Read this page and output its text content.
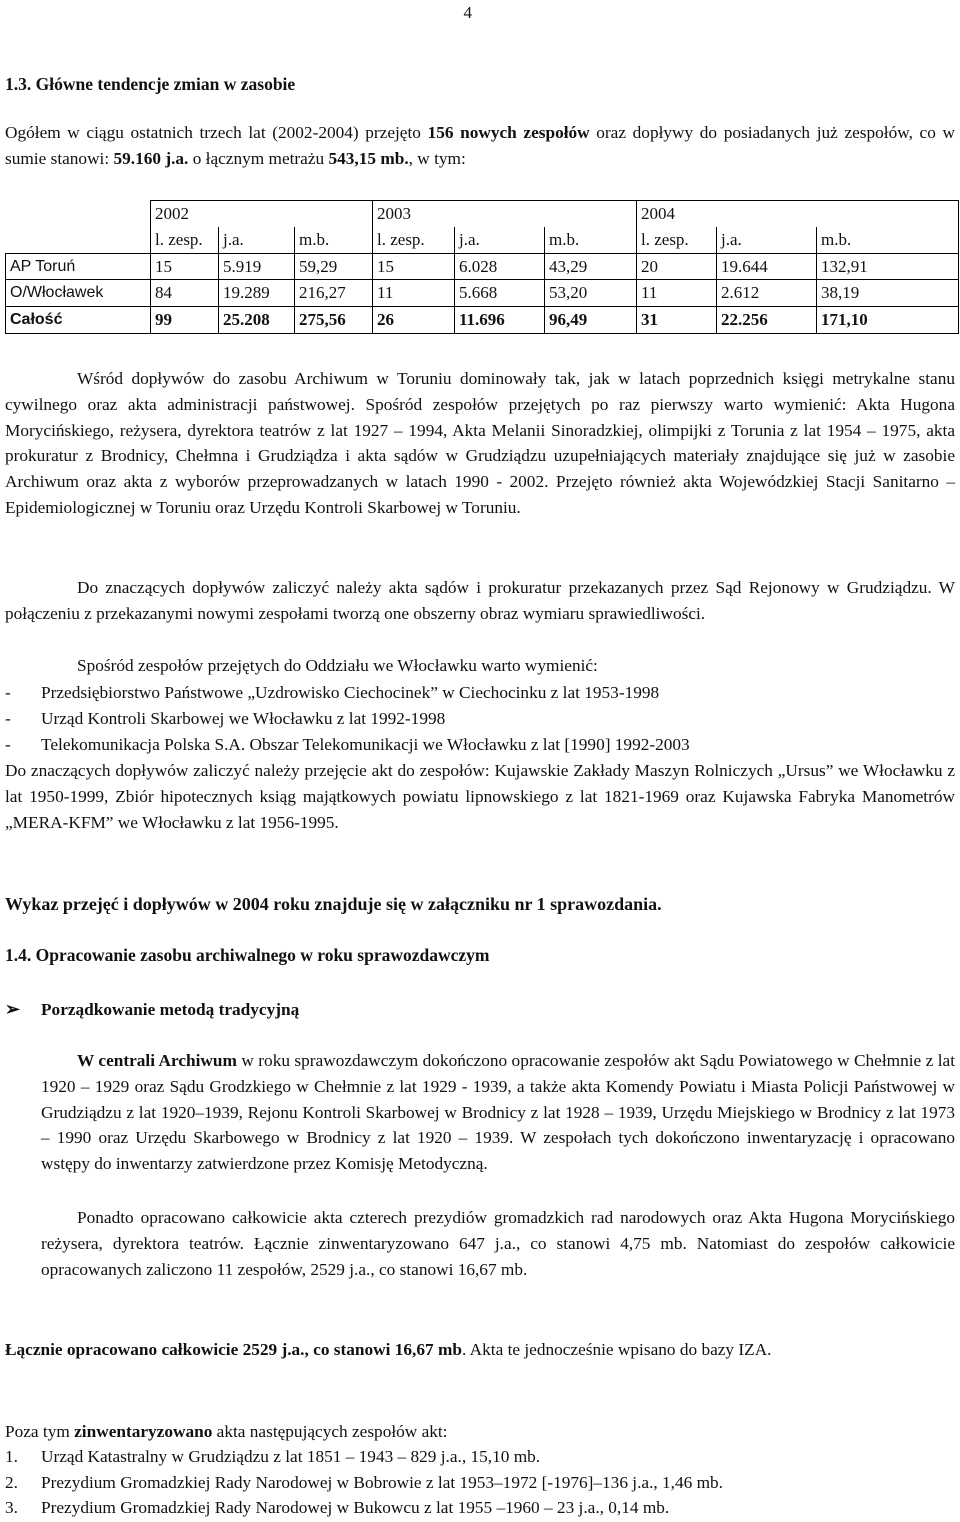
4
1.3. Główne tendencje zmian w zasobie
Ogółem w ciągu ostatnich trzech lat (2002-2004) przejęto 156 nowych zespołów oraz dopływy do posiadanych już zespołów, co w sumie stanowi: 59.160 j.a. o łącznym metrażu 543,15 mb., w tym:
	2002			2003			2004		
	l. zesp.	j.a.	m.b.	l. zesp.	j.a.	m.b.	l. zesp.	j.a.	m.b.
AP Toruń	15	5.919	59,29	15	6.028	43,29	20	19.644	132,91
O/Włocławek	84	19.289	216,27	11	5.668	53,20	11	2.612	38,19
Całość	99	25.208	275,56	26	11.696	96,49	31	22.256	171,10

Wśród dopływów do zasobu Archiwum w Toruniu dominowały tak, jak w latach poprzednich księgi metrykalne stanu cywilnego oraz akta administracji państwowej. Spośród zespołów przejętych po raz pierwszy warto wymienić: Akta Hugona Morycińskiego, reżysera, dyrektora teatrów z lat 1927 – 1994, Akta Melanii Sinoradzkiej, olimpijki z Torunia z lat 1954 – 1975, akta prokuratur z Brodnicy, Chełmna i Grudziądza i akta sądów w Grudziądzu uzupełniających materiały znajdujące się już w zasobie Archiwum oraz akta z wyborów przeprowadzanych w latach 1990 - 2002. Przejęto również akta Wojewódzkiej Stacji Sanitarno – Epidemiologicznej w Toruniu oraz Urzędu Kontroli Skarbowej w Toruniu.

Do znaczących dopływów zaliczyć należy akta sądów i prokuratur przekazanych przez Sąd Rejonowy w Grudziądzu. W połączeniu z przekazanymi nowymi zespołami tworzą one obszerny obraz wymiaru sprawiedliwości.

Spośród zespołów przejętych do Oddziału we Włocławku warto wymienić:

- Przedsiębiorstwo Państwowe „Uzdrowisko Ciechocinek” w Ciechocinku z lat 1953-1998
- Urząd Kontroli Skarbowej we Włocławku z lat 1992-1998
- Telekomunikacja Polska S.A. Obszar Telekomunikacji we Włocławku z lat [1990] 1992-2003

Do znaczących dopływów zaliczyć należy przejęcie akt do zespołów: Kujawskie Zakłady Maszyn Rolniczych „Ursus” we Włocławku z lat 1950-1999, Zbiór hipotecznych ksiąg majątkowych powiatu lipnowskiego z lat 1821-1969 oraz Kujawska Fabryka Manometrów „MERA-KFM” we Włocławku z lat 1956-1995.

Wykaz przejęć i dopływów w 2004 roku znajduje się w załączniku nr 1 sprawozdania.

1.4. Opracowanie zasobu archiwalnego w roku sprawozdawczym
➢ Porządkowanie metodą tradycyjną

W centrali Archiwum w roku sprawozdawczym dokończono opracowanie zespołów akt Sądu Powiatowego w Chełmnie z lat 1920 – 1929 oraz Sądu Grodzkiego w Chełmnie z lat 1929 - 1939, a także akta Komendy Powiatu i Miasta Policji Państwowej w Grudziądzu z lat 1920–1939, Rejonu Kontroli Skarbowej w Brodnicy z lat 1928 – 1939, Urzędu Miejskiego w Brodnicy z lat 1973 – 1990 oraz Urzędu Skarbowego w Brodnicy z lat 1920 – 1939. W zespołach tych dokończono inwentaryzację i opracowano wstępy do inwentarzy zatwierdzone przez Komisję Metodyczną.

Ponadto opracowano całkowicie akta czterech prezydiów gromadzkich rad narodowych oraz Akta Hugona Morycińskiego reżysera, dyrektora teatrów. Łącznie zinwentaryzowano 647 j.a., co stanowi 4,75 mb. Natomiast do zespołów całkowicie opracowanych zaliczono 11 zespołów, 2529 j.a., co stanowi 16,67 mb.

Łącznie opracowano całkowicie 2529 j.a., co stanowi 16,67 mb. Akta te jednocześnie wpisano do bazy IZA.

Poza tym zinwentaryzowano akta następujących zespołów akt:

1. Urząd Katastralny w Grudziądzu z lat 1851 – 1943 – 829 j.a., 15,10 mb.
2. Prezydium Gromadzkiej Rady Narodowej w Bobrowie z lat 1953–1972 [-1976]–136 j.a., 1,46 mb.
3. Prezydium Gromadzkiej Rady Narodowej w Bukowcu z lat 1955 –1960 – 23 j.a., 0,14 mb.
